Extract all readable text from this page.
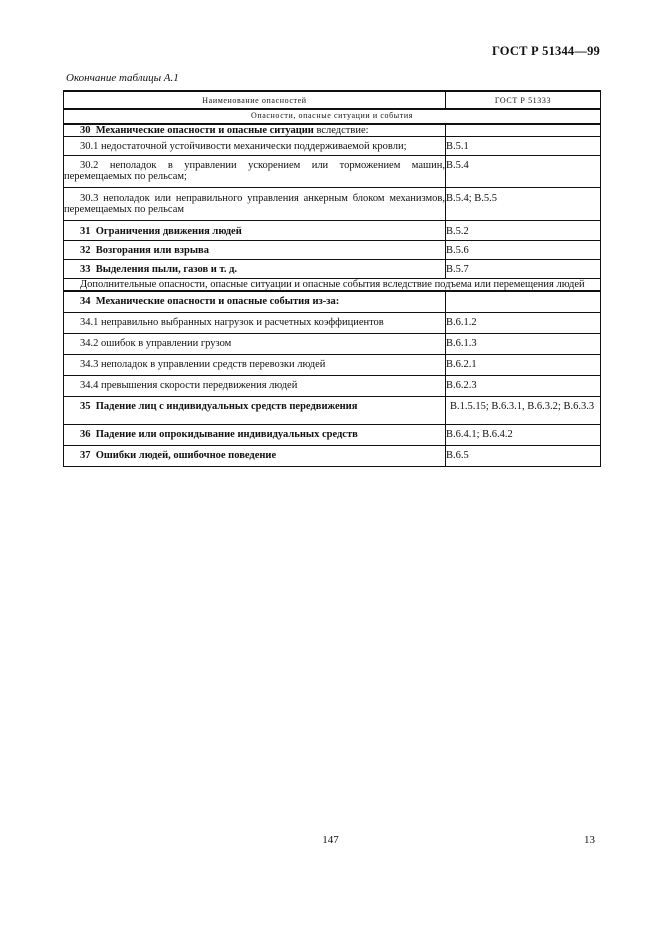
ГОСТ Р 51344—99
Окончание таблицы А.1
Наименование опасностей	ГОСТ Р 51333
Опасности, опасные ситуации и события	
30 Механические опасности и опасные ситуации вследствие:	
30.1 недостаточной устойчивости механически поддерживаемой кровли;	B.5.1
30.2 неполадок в управлении ускорением или торможением машин, перемещаемых по рельсам;	B.5.4
30.3 неполадок или неправильного управления анкерным блоком механизмов, перемещаемых по рельсам	B.5.4; B.5.5
31 Ограничения движения людей	B.5.2
32 Возгорания или взрыва	B.5.6
33 Выделения пыли, газов и т. д.	B.5.7
Дополнительные опасности, опасные ситуации и опасные события вследствие подъема или перемещения людей	
34 Механические опасности и опасные события из-за:	
34.1 неправильно выбранных нагрузок и расчетных коэффициентов	B.6.1.2
34.2 ошибок в управлении грузом	B.6.1.3
34.3 неполадок в управлении средств перевозки людей	B.6.2.1
34.4 превышения скорости передвижения людей	B.6.2.3
35 Падение лиц с индивидуальных средств передвижения	B.1.5.15; B.6.3.1, B.6.3.2; B.6.3.3
36 Падение или опрокидывание индивидуальных средств	B.6.4.1; B.6.4.2
37 Ошибки людей, ошибочное поведение	B.6.5
147	13
